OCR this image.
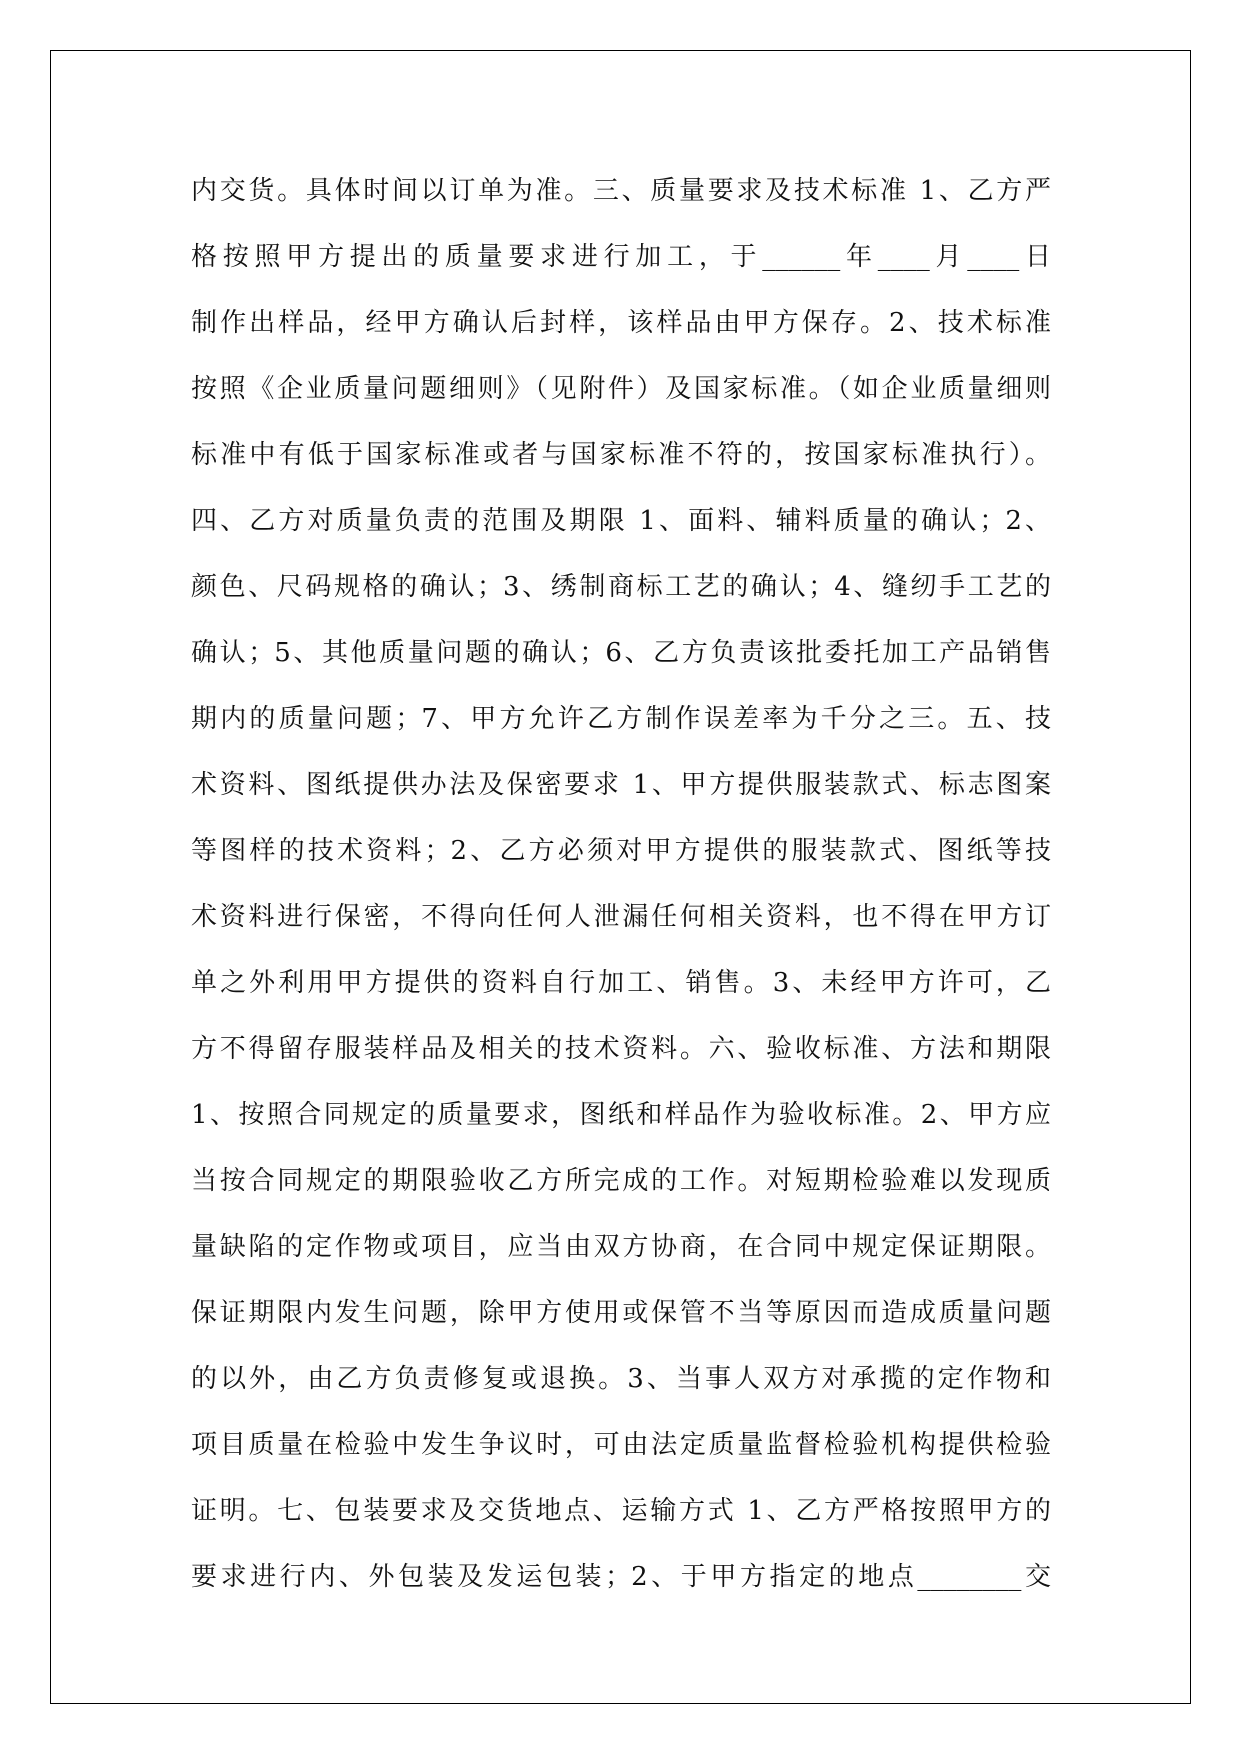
内交货。具体时间以订单为准。三、质量要求及技术标准 1、乙方严
格按照甲方提出的质量要求进行加工，于______年____月____日
制作出样品，经甲方确认后封样，该样品由甲方保存。2、技术标准
按照《企业质量问题细则》（见附件）及国家标准。（如企业质量细则
标准中有低于国家标准或者与国家标准不符的，按国家标准执行）。
四、乙方对质量负责的范围及期限 1、面料、辅料质量的确认；2、
颜色、尺码规格的确认；3、绣制商标工艺的确认；4、缝纫手工艺的
确认；5、其他质量问题的确认；6、乙方负责该批委托加工产品销售
期内的质量问题；7、甲方允许乙方制作误差率为千分之三。五、技
术资料、图纸提供办法及保密要求 1、甲方提供服装款式、标志图案
等图样的技术资料；2、乙方必须对甲方提供的服装款式、图纸等技
术资料进行保密，不得向任何人泄漏任何相关资料，也不得在甲方订
单之外利用甲方提供的资料自行加工、销售。3、未经甲方许可，乙
方不得留存服装样品及相关的技术资料。六、验收标准、方法和期限
1、按照合同规定的质量要求，图纸和样品作为验收标准。2、甲方应
当按合同规定的期限验收乙方所完成的工作。对短期检验难以发现质
量缺陷的定作物或项目，应当由双方协商，在合同中规定保证期限。
保证期限内发生问题，除甲方使用或保管不当等原因而造成质量问题
的以外，由乙方负责修复或退换。3、当事人双方对承揽的定作物和
项目质量在检验中发生争议时，可由法定质量监督检验机构提供检验
证明。七、包装要求及交货地点、运输方式 1、乙方严格按照甲方的
要求进行内、外包装及发运包装；2、于甲方指定的地点________交
